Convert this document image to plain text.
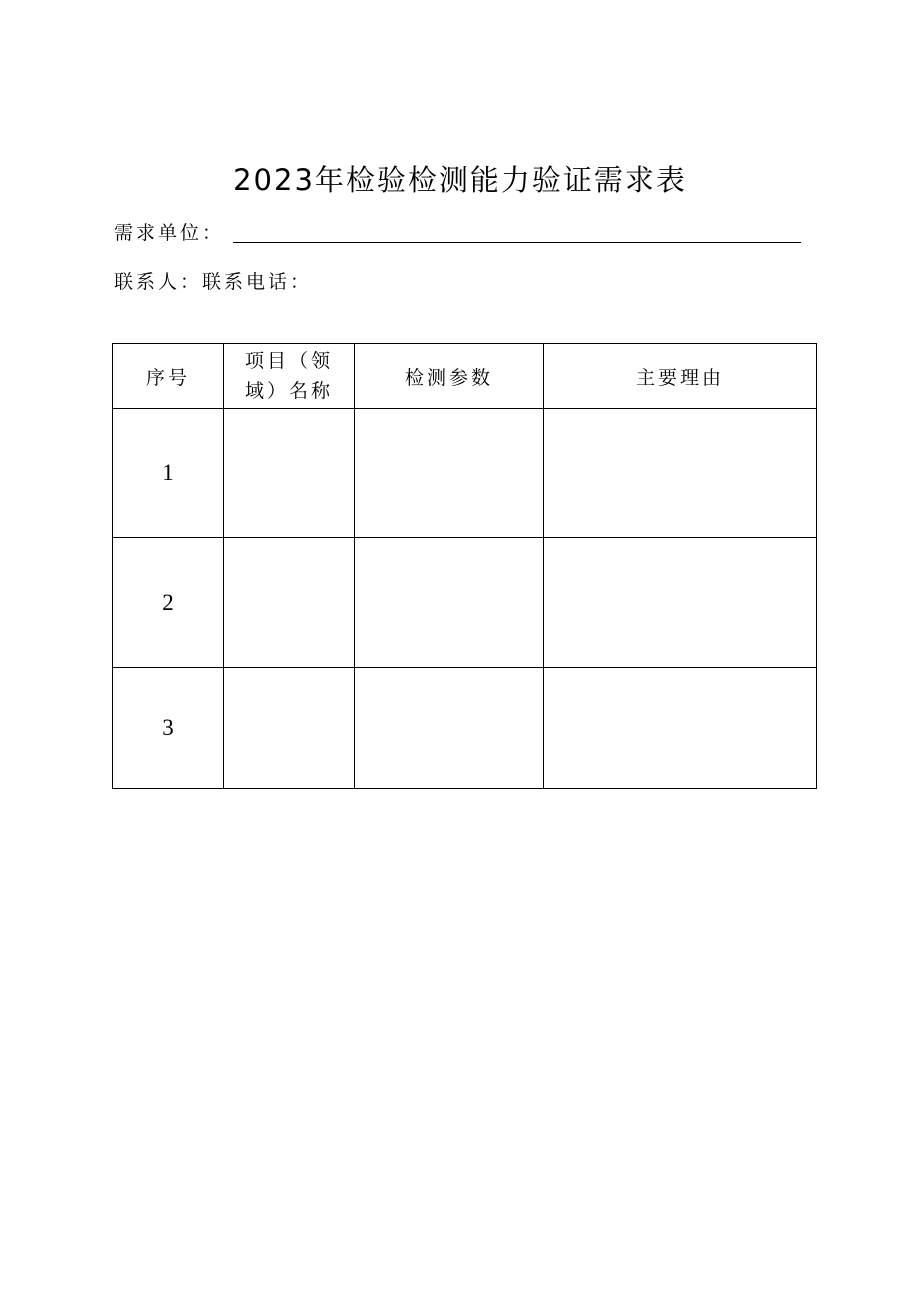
2023年检验检测能力验证需求表
需求单位：
联系人：联系电话：
序号	项目（领域）名称	检测参数	主要理由
1			
2			
3			
